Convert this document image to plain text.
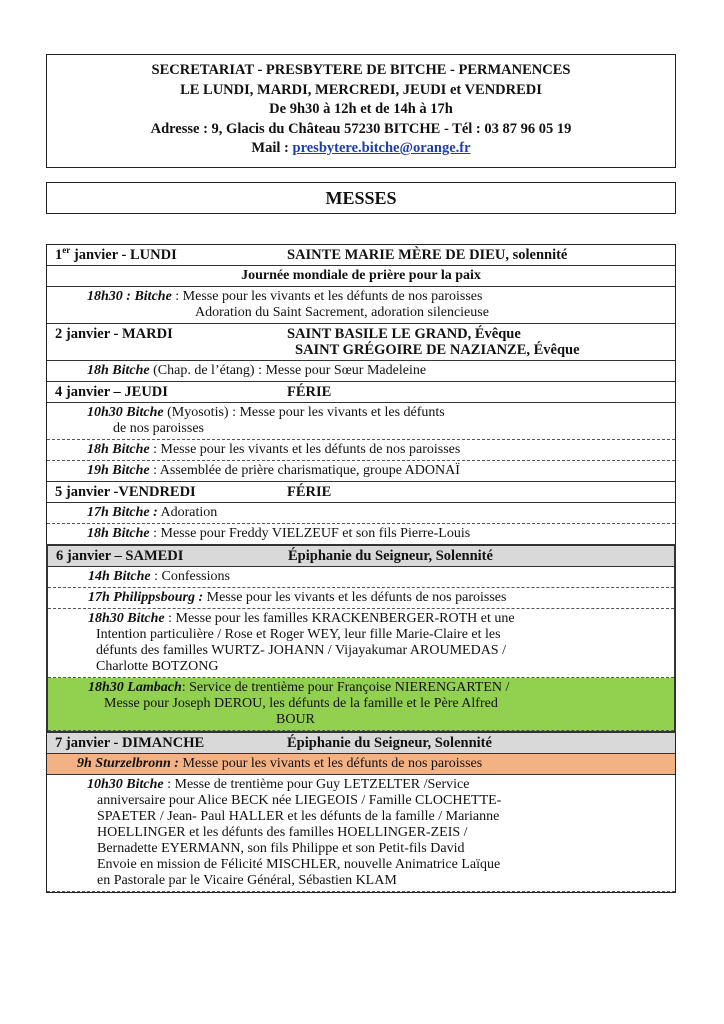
SECRETARIAT - PRESBYTERE DE BITCHE - PERMANENCES
LE LUNDI, MARDI, MERCREDI, JEUDI et VENDREDI
De 9h30 à 12h et de 14h à 17h
Adresse : 9, Glacis du Château 57230 BITCHE - Tél : 03 87 96 05 19
Mail : presbytere.bitche@orange.fr
MESSES
1er janvier - LUNDI	SAINTE MARIE MÈRE DE DIEU, solennité
Journée mondiale de prière pour la paix
18h30 : Bitche : Messe pour les vivants et les défunts de nos paroisses
Adoration du Saint Sacrement, adoration silencieuse
2 janvier - MARDI	SAINT BASILE LE GRAND, Évêque
SAINT GRÉGOIRE DE NAZIANZE, Évêque
18h Bitche (Chap. de l’étang) : Messe pour Sœur Madeleine
4 janvier – JEUDI	FÉRIE
10h30 Bitche (Myosotis) : Messe pour les vivants et les défunts
de nos paroisses
18h Bitche : Messe pour les vivants et les défunts de nos paroisses
19h Bitche : Assemblée de prière charismatique, groupe ADONAÏ
5 janvier -VENDREDI	FÉRIE
17h Bitche : Adoration
18h Bitche : Messe pour Freddy VIELZEUF et son fils Pierre-Louis
6 janvier – SAMEDI	Épiphanie du Seigneur, Solennité
14h Bitche : Confessions
17h Philippsbourg : Messe pour les vivants et les défunts de nos paroisses
18h30 Bitche : Messe pour les familles KRACKENBERGER-ROTH et une
Intention particulière / Rose et Roger WEY, leur fille Marie-Claire et les
défunts des familles WURTZ- JOHANN / Vijayakumar AROUMEDAS /
Charlotte BOTZONG
18h30 Lambach: Service de trentième pour Françoise NIERENGARTEN /
Messe pour Joseph DEROU, les défunts de la famille et le Père Alfred
BOUR
7 janvier - DIMANCHE	Épiphanie du Seigneur, Solennité
9h Sturzelbronn : Messe pour les vivants et les défunts de nos paroisses
10h30 Bitche : Messe de trentième pour Guy LETZELTER /Service
anniversaire pour Alice BECK née LIEGEOIS / Famille CLOCHETTE-
SPAETER / Jean- Paul HALLER et les défunts de la famille / Marianne
HOELLINGER et les défunts des familles HOELLINGER-ZEIS /
Bernadette EYERMANN, son fils Philippe et son Petit-fils David
Envoie en mission de Félicité MISCHLER, nouvelle Animatrice Laïque
en Pastorale par le Vicaire Général, Sébastien KLAM
